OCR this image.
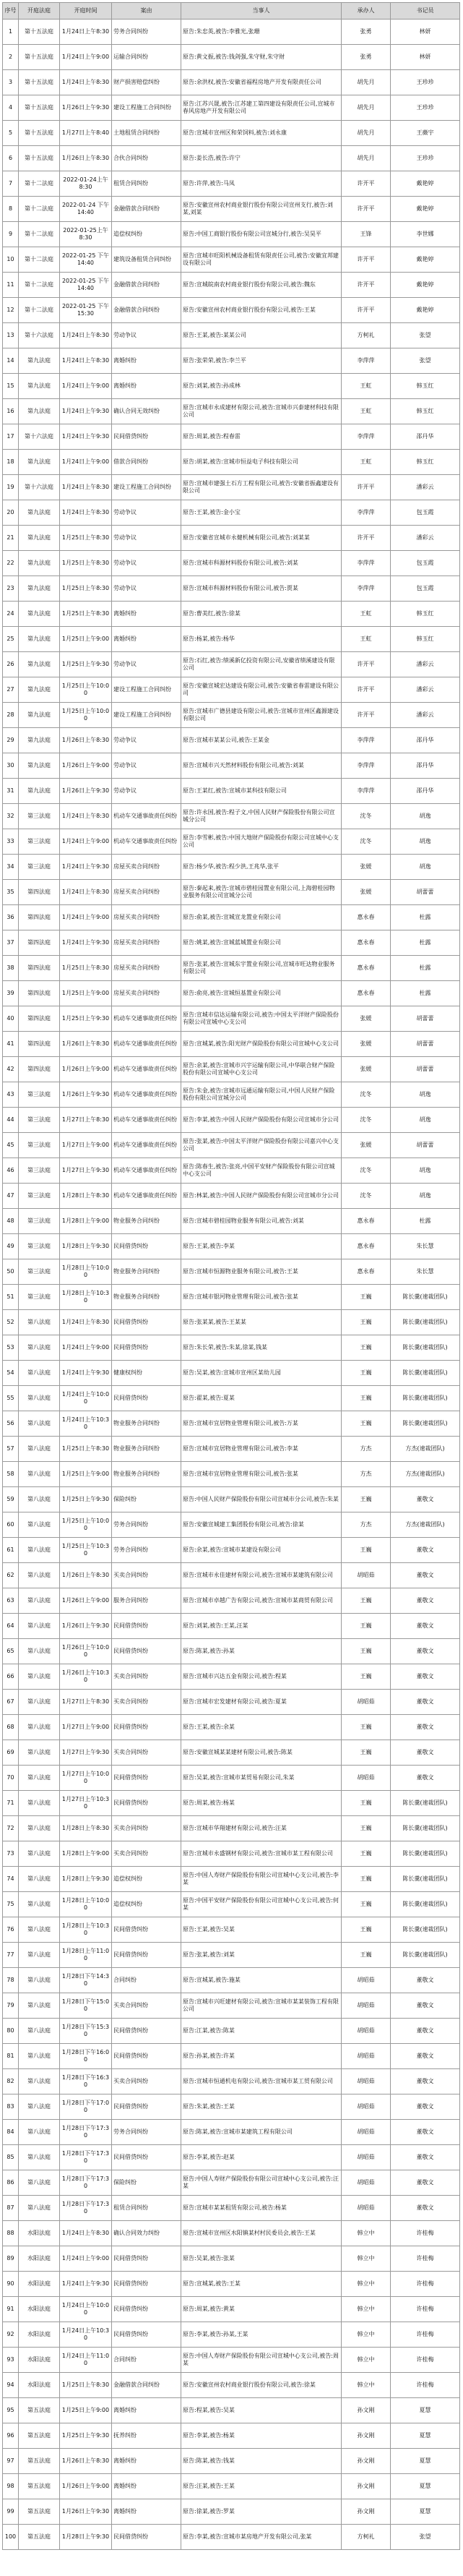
序号	开庭法庭	开庭时间	案由	当事人	承办人	书记员
1	第十五法庭	1月24日上午8:30	劳务合同纠纷	原告:朱忠英,被告:李雅光,张珊	张勇	林妍
2	第十五法庭	1月24日上午9:00	运输合同纠纷	原告:黄文振,被告:钱剑强,朱守财,朱守财	张勇	林妍
3	第十五法庭	1月24日上午8:30	财产损害赔偿纠纷	原告:余洪权,被告:安徽省福程房地产开发有限责任公司	胡先月	王珍珍
4	第十五法庭	1月26日上午9:30	建设工程施工合同纠纷	原告:江苏兴晟,被告:江苏建工第四建设有限责任公司,宣城市春风房地产开发有限公司	胡先月	王珍珍
5	第十五法庭	1月27日上午8:40	土地租赁合同纠纷	原告:宣城市宣州区和荣饲料,被告:刘永康	胡先月	王薇宇
6	第十五法庭	1月26日上午8:30	合伙合同纠纷	原告:姜长浩,被告:许宁	胡先月	王珍珍
7	第十二法庭	2022-01-24上午8:30	租赁合同纠纷	原告:许萍,被告:马凤	许开平	戴艳婷
8	第十二法庭	2022-01-24 下午14:40	金融借款合同纠纷	原告:安徽宣州农村商业银行股份有限公司宣州支行,被告:刘某,刘某	许开平	戴艳婷
9	第十二法庭	2022-01-25上午8:30	追偿权纠纷	原告:中国工商银行股份有限公司宣城分行,被告:吴昊平	王锋	李世娜
10	第十二法庭	2022-01-25 下午14:40	建筑设备租赁合同纠纷	原告:宣城市旺阳机械设备租赁有限责任公司,被告:安徽宜邦建设有限公司	许开平	戴艳婷
11	第十二法庭	2022-01-25 下午14:40	金融借款合同纠纷	原告:宣城皖南农村商业银行股份有限公司,被告:魏东	许开平	戴艳婷
12	第十二法庭	2022-01-25 下午15:30	金融借款合同纠纷	原告:安徽宣州农村商业银行股份有限公司,被告:王某	许开平	戴艳婷
13	第十六法庭	1月24日上午8:30	劳动争议	原告:王某,被告:某某公司	方柯礼	张望
14	第九法庭	1月24日上午8:30	离婚纠纷	原告:张荣荣,被告:李兰平	李萍萍	张望
15	第九法庭	1月24日上午9:00	离婚纠纷	原告:刘某,被告:孙成林	王虹	韩玉红
16	第九法庭	1月24日上午9:30	确认合同无效纠纷	原告:宣城市永成建材有限公司,被告:宣城市兴泰建材科技有限公司	王虹	韩玉红
17	第十六法庭	1月24日上午9:30	民间借贷纠纷	原告:周某,被告:程春雷	李萍萍	邵丹华
18	第九法庭	1月24日上午9:00	借款合同纠纷	原告:胡某,被告:宣城市恒益电子科技有限公司	王虹	韩玉红
19	第十六法庭	1月24日上午8:30	建设工程施工合同纠纷	原告:宣城市建强土石方工程有限公司,被告:安徽省振鑫建设有限公司	许开平	潘彩云
20	第九法庭	1月24日上午8:30	劳动争议	原告:王某,被告:金小宝	李萍萍	包玉霞
21	第九法庭	1月25日上午8:30	劳动争议	原告:安徽省宣城市永健机械有限公司,被告:刘某某	许开平	潘彩云
22	第九法庭	1月25日上午8:30	劳动争议	原告:宣城市科源材料股份有限公司,被告:刘某	李萍萍	包玉霞
23	第九法庭	1月25日上午8:30	劳动争议	原告:宣城市科源材料股份有限公司,被告:贾某	李萍萍	包玉霞
24	第九法庭	1月25日上午8:30	离婚纠纷	原告:曹美红,被告:徐某	王虹	韩玉红
25	第九法庭	1月25日上午9:00	离婚纠纷	原告:杨某,被告:杨华	王虹	韩玉红
26	第九法庭	1月25日上午9:30	劳动争议	原告:石红,被告:绩溪新亿投资有限公司,安徽省绩溪建设有限公司	许开平	潘彩云
27	第九法庭	1月25日上午10:00	建设工程施工合同纠纷	原告:安徽宣城宏达建设有限公司,被告:安徽省春雷建设有限公司	许开平	潘彩云
28	第九法庭	1月25日上午10:00	建设工程施工合同纠纷	原告:宣城市广德县建设有限公司,被告:宣城市宣州区鑫源建设有限公司	许开平	潘彩云
29	第九法庭	1月26日上午8:30	劳动争议	原告:宣城市某某公司,被告:王某金	李萍萍	邵丹华
30	第九法庭	1月26日上午9:00	劳动争议	原告:宣城市兴天然材料股份有限公司,被告:刘某	李萍萍	邵丹华
31	第九法庭	1月26日上午9:30	劳动争议	原告:王某红,被告:宣城市某科技有限公司	李萍萍	邵丹华
32	第三法庭	1月24日上午8:30	机动车交通事故责任纠纷	原告:许永国,被告:程子文,中国人民财产保险股份有限公司宣城分公司	沈冬	胡逸
33	第三法庭	1月24日上午9:00	机动车交通事故责任纠纷	原告:李雪彬,被告:中国大地财产保险股份有限公司宣城中心支公司	沈冬	胡逸
34	第三法庭	1月24日上午9:30	房屋买卖合同纠纷	原告:杨少华,被告:程少洪,王兆华,张平	张媛	胡逸
35	第四法庭	1月24日上午8:30	房屋买卖合同纠纷	原告:秦起来,被告:宣城市碧桂园置业有限公司,上海碧桂园物业服务有限公司宣城分公司	张媛	胡蕾蕾
36	第四法庭	1月24日上午9:00	房屋买卖合同纠纷	原告:俞某,被告:宣城宣龙置业有限公司	惠永春	杜露
37	第四法庭	1月24日上午9:30	房屋买卖合同纠纷	原告:姚某,被告:宣城蓝城置业有限公司	惠永春	杜露
38	第四法庭	1月25日上午8:30	房屋买卖合同纠纷	原告:张某,被告:宣城东宇置业有限公司,宣城市旺达物业服务有限公司	惠永春	杜露
39	第四法庭	1月25日上午9:00	房屋买卖合同纠纷	原告:俞亮,被告:宣城恒基置业有限公司	惠永春	杜露
40	第四法庭	1月25日上午9:30	机动车交通事故责任纠纷	原告:宣城市信达运输有限公司,被告:中国太平洋财产保险股份有限公司宣城中心支公司	张媛	胡蕾蕾
41	第四法庭	1月26日上午8:30	机动车交通事故责任纠纷	原告:宣城某,被告:阳光财产保险股份有限公司宣城中心支公司	张媛	胡蕾蕾
42	第四法庭	1月26日上午9:00	机动车交通事故责任纠纷	原告:余某,被告:宣城市兴宇运输有限公司,中华联合财产保险股份有限公司宣城中心支公司	张媛	胡蕾蕾
43	第三法庭	1月26日上午9:30	机动车交通事故责任纠纷	原告:朱金,被告:宣城市远通运输有限公司,中国人民财产保险股份有限公司宣城分公司	沈冬	胡逸
44	第三法庭	1月27日上午8:30	机动车交通事故责任纠纷	原告:李某,被告:中国人民财产保险股份有限公司宣城市分公司	沈冬	胡逸
45	第三法庭	1月27日上午9:00	机动车交通事故责任纠纷	原告:张某,被告:中国太平洋财产保险股份有限公司嘉兴中心支公司	张媛	胡蕾蕾
46	第三法庭	1月27日上午9:30	机动车交通事故责任纠纷	原告:陈春生,被告:张亮,中国平安财产保险股份有限公司宣城中心支公司	沈冬	胡逸
47	第三法庭	1月28日上午8:30	机动车交通事故责任纠纷	原告:林某,被告:中国人民财产保险股份有限公司宣城市分公司	沈冬	胡逸
48	第三法庭	1月28日上午9:00	物业服务合同纠纷	原告:宣城市碧桂园物业服务有限公司,被告:刘某	惠永春	杜露
49	第三法庭	1月28日上午9:30	民间借贷纠纷	原告:王某,被告:李某	惠永春	朱长慧
50	第三法庭	1月28日上午10:00	物业服务合同纠纷	原告:宣城市恒源物业服务有限公司,被告:王某	惠永春	朱长慧
51	第三法庭	1月28日上午10:30	物业服务合同纠纷	原告:宣城市银河物业管理有限公司,被告:张某	王巍	陈长羹(速裁团队)
52	第八法庭	1月24日上午8:30	民间借贷纠纷	原告:张某某,被告:王某某	王巍	陈长羹(速裁团队)
53	第八法庭	1月24日上午9:00	民间借贷纠纷	原告:朱长荣,被告:朱某,徐某,钱某	王巍	陈长羹(速裁团队)
54	第八法庭	1月24日上午9:30	健康权纠纷	原告:吴某,被告:宣城市宣州区某幼儿园	王巍	陈长羹(速裁团队)
55	第八法庭	1月24日上午10:00	民间借贷纠纷	原告:翟某,被告:夏某	王巍	陈长羹(速裁团队)
56	第八法庭	1月24日上午10:30	物业服务合同纠纷	原告:宣城市宜居物业管理有限公司,被告:万某	王巍	陈长羹(速裁团队)
57	第八法庭	1月25日上午8:30	物业服务合同纠纷	原告:宣城市宜居物业管理有限公司,被告:李某	方杰	方杰(速裁团队)
58	第八法庭	1月25日上午9:00	物业服务合同纠纷	原告:宣城市宜居物业管理有限公司,被告:张某	方杰	方杰(速裁团队)
59	第八法庭	1月25日上午9:30	保险纠纷	原告:中国人民财产保险股份有限公司宣城市分公司,被告:朱某	王巍	董敬文
60	第八法庭	1月25日上午10:00	劳务合同纠纷	原告:安徽宣城建工集团股份有限公司,被告:徐某	方杰	方杰(速裁团队)
61	第八法庭	1月25日上午10:30	劳务合同纠纷	原告:余某,被告:宣城市某建设有限公司	王巍	董敬文
62	第八法庭	1月26日上午8:30	买卖合同纠纷	原告:宣城市永佳建材有限公司,被告:宣城市某建筑有限公司	胡昭茹	董敬文
63	第八法庭	1月26日上午9:00	服务合同纠纷	原告:宣城市卓越广告有限公司,被告:宣城市某商贸有限公司	王巍	董敬文
64	第八法庭	1月26日上午9:30	民间借贷纠纷	原告:刘某,被告:王某,汪某	王巍	董敬文
65	第八法庭	1月26日上午10:00	民间借贷纠纷	原告:陈某,被告:孙某	王巍	董敬文
66	第八法庭	1月26日上午10:30	买卖合同纠纷	原告:宣城市兴达五金有限公司,被告:程某	王巍	董敬文
67	第八法庭	1月27日上午8:30	买卖合同纠纷	原告:宣城市宏发建材有限公司,被告:夏某	胡昭茹	董敬文
68	第八法庭	1月27日上午9:00	民间借贷纠纷	原告:王某,被告:余某	王巍	董敬文
69	第八法庭	1月27日上午9:30	买卖合同纠纷	原告:安徽宣城某某建材有限公司,被告:陈某	王巍	董敬文
70	第八法庭	1月27日上午10:00	民间借贷纠纷	原告:吴某,被告:宣城市某贸易有限公司,朱某	胡昭茹	董敬文
71	第八法庭	1月27日上午10:30	民间借贷纠纷	原告:周某,被告:杨某	王巍	陈长羹(速裁团队)
72	第八法庭	1月28日上午8:30	买卖合同纠纷	原告:宣城市华翔建材有限公司,被告:汪某	王巍	陈长羹(速裁团队)
73	第八法庭	1月28日上午9:00	买卖合同纠纷	原告:宣城市永盛钢材有限公司,被告:宣城市某工程有限公司	王巍	陈长羹(速裁团队)
74	第八法庭	1月28日上午9:30	追偿权纠纷	原告:中国人寿财产保险股份有限公司宣城中心支公司,被告:李某	王巍	陈长羹(速裁团队)
75	第八法庭	1月28日上午10:00	追偿权纠纷	原告:中国平安财产保险股份有限公司宣城中心支公司,被告:何某	王巍	陈长羹(速裁团队)
76	第八法庭	1月28日上午10:30	民间借贷纠纷	原告:王某,被告:吴某	王巍	陈长羹(速裁团队)
77	第八法庭	1月28日上午11:00	民间借贷纠纷	原告:张某,被告:刘某	王巍	陈长羹(速裁团队)
78	第八法庭	1月28日下午14:30	合同纠纷	原告:宣城某,被告:施某	胡昭茹	董敬文
79	第八法庭	1月28日下午15:00	买卖合同纠纷	原告:宣城市兴旺建材有限公司,被告:宣城市某某装饰工程有限公司	胡昭茹	董敬文
80	第八法庭	1月28日下午15:30	民间借贷纠纷	原告:江某,被告:陈某	胡昭茹	董敬文
81	第八法庭	1月28日下午16:00	民间借贷纠纷	原告:孙某,被告:许某	胡昭茹	董敬文
82	第八法庭	1月28日下午16:30	买卖合同纠纷	原告:宣城市恒通机电有限公司,被告:宣城市某工贸有限公司	胡昭茹	董敬文
83	第八法庭	1月28日下午17:00	民间借贷纠纷	原告:朱某,被告:王某	胡昭茹	董敬文
84	第八法庭	1月28日下午17:30	劳务合同纠纷	原告:陈某,被告:宣城市某建筑工程有限公司	胡昭茹	董敬文
85	第八法庭	1月28日下午17:30	民间借贷纠纷	原告:李某,被告:赵某	胡昭茹	董敬文
86	第八法庭	1月28日下午17:30	保险纠纷	原告:中国人寿财产保险股份有限公司宣城中心支公司,被告:汪某	胡昭茹	董敬文
87	第八法庭	1月28日下午17:30	租赁合同纠纷	原告:宣城市某某租赁有限公司,被告:杨某	胡昭茹	董敬文
88	水阳法庭	1月24日上午8:30	确认合同效力纠纷	原告:宣城市宣州区水阳镇某村村民委员会,被告:王某	韩立中	许桂梅
89	水阳法庭	1月24日上午9:00	民间借贷纠纷	原告:吴某,被告:张某	韩立中	许桂梅
90	水阳法庭	1月24日上午9:30	民间借贷纠纷	原告:宣城某,被告:王某	韩立中	许桂梅
91	水阳法庭	1月24日上午10:00	民间借贷纠纷	原告:周某,被告:黄某	韩立中	许桂梅
92	水阳法庭	1月24日上午10:30	民间借贷纠纷	原告:李某,被告:孙某,王某	韩立中	许桂梅
93	水阳法庭	1月24日上午11:00	合同纠纷	原告:中国人寿财产保险股份有限公司宣城中心支公司,被告:周某	韩立中	许桂梅
94	水阳法庭	1月25日上午8:30	金融借款合同纠纷	原告:安徽宣州农村商业银行股份有限公司,被告:徐某	韩立中	许桂梅
95	第五法庭	1月25日上午9:00	离婚纠纷	原告:程某,被告:吴某	孙文刚	夏慧
96	第五法庭	1月25日上午9:30	抚养纠纷	原告:李某,被告:杨某	孙文刚	夏慧
97	第五法庭	1月26日上午8:30	离婚纠纷	原告:陈某,被告:钱某	孙文刚	夏慧
98	第五法庭	1月26日上午9:00	离婚纠纷	原告:汪某,被告:王某	孙文刚	夏慧
99	第五法庭	1月26日上午9:30	离婚纠纷	原告:徐某,被告:罗某	孙文刚	夏慧
100	第五法庭	1月28日上午9:30	民间借贷纠纷	原告:李某,被告:宣城市某房地产开发有限公司,张某	方柯礼	张望
